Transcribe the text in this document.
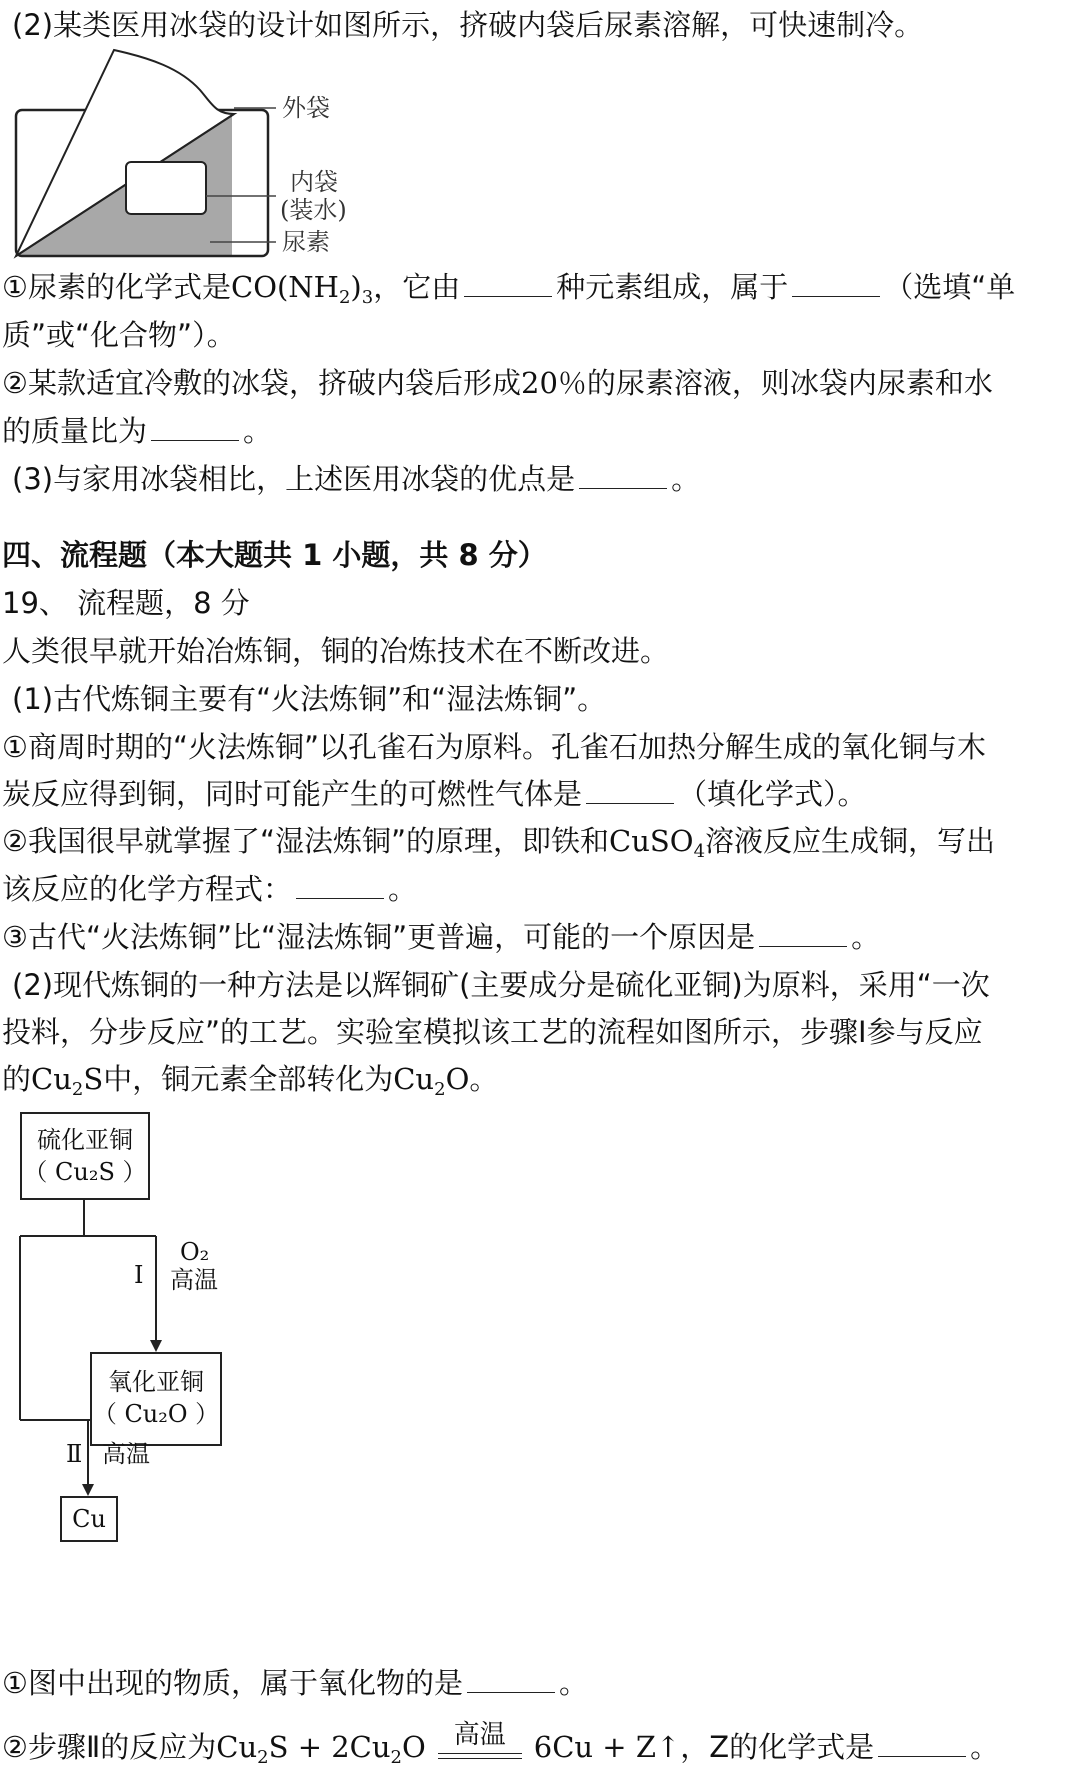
(2)某类医用冰袋的设计如图所示，挤破内袋后尿素溶解，可快速制冷。
外袋
内袋
(装水)
尿素
①尿素的化学式是$CO(NH_2)_3$，它由	种元素组成，属于	（选填“单
质”或“化合物”）。
②某款适宜冷敷的冰袋，挤破内袋后形成20％的尿素溶液，则冰袋内尿素和水
的质量比为	。
(3)与家用冰袋相比，上述医用冰袋的优点是	。
四、流程题（本大题共 1 小题，共 8 分）
19、 流程题，8 分
人类很早就开始冶炼铜，铜的冶炼技术在不断改进。
(1)古代炼铜主要有“火法炼铜”和“湿法炼铜”。
①商周时期的“火法炼铜”以孔雀石为原料。孔雀石加热分解生成的氧化铜与木
炭反应得到铜，同时可能产生的可燃性气体是	（填化学式）。
②我国很早就掌握了“湿法炼铜”的原理，即铁和CuSO$_4$溶液反应生成铜，写出
该反应的化学方程式：	。
③古代“火法炼铜”比“湿法炼铜”更普遍，可能的一个原因是	。
(2)现代炼铜的一种方法是以辉铜矿(主要成分是硫化亚铜)为原料，采用“一次
投料，分步反应”的工艺。实验室模拟该工艺的流程如图所示，步骤Ⅰ参与反应
的$Cu_2S$中，铜元素全部转化为$Cu_2O$。
硫化亚铜
（ Cu₂S ）
氧化亚铜
（ Cu₂O ）
Cu
Ⅰ
O₂
高温
Ⅱ 高温
①图中出现的物质，属于氧化物的是	。
②步骤Ⅱ的反应为$Cu_2S + 2Cu_2O$	高温 6Cu + Z↑，Z的化学式是	。
